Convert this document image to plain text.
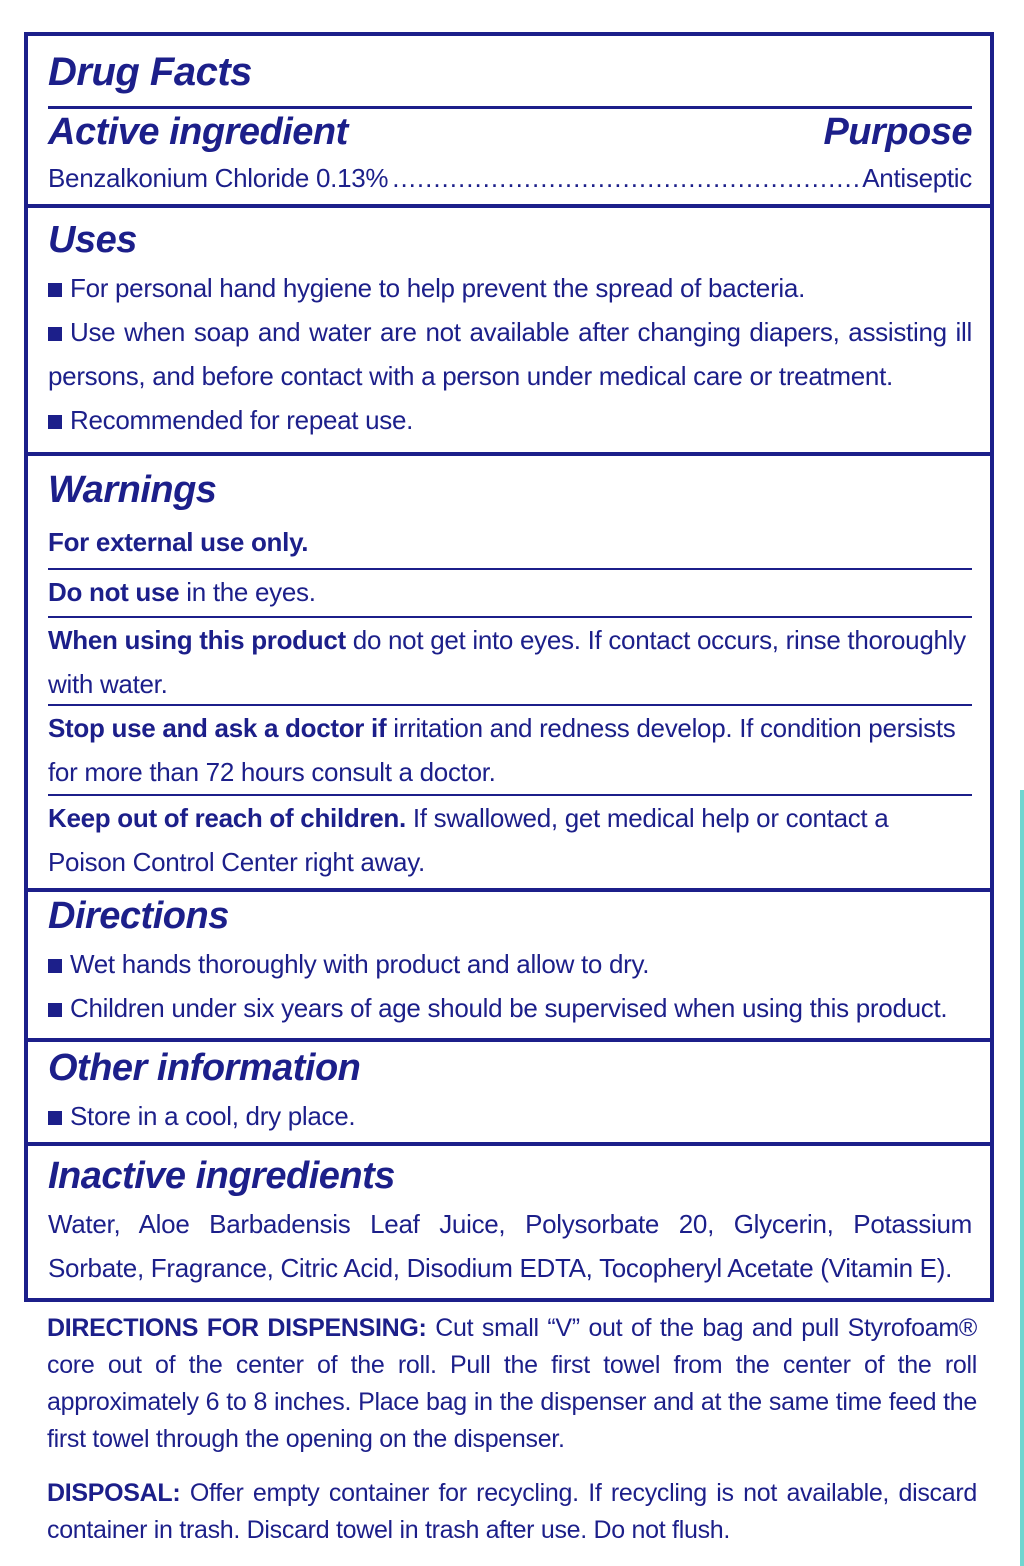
Drug Facts
Active ingredient	Purpose
Benzalkonium Chloride 0.13%
.....	Antiseptic
Uses
For personal hand hygiene to help prevent the spread of bacteria.
Use when soap and water are not available after changing diapers, assisting ill persons, and before contact with a person under medical care or treatment.
Recommended for repeat use.
Warnings
For external use only.
Do not use in the eyes.
When using this product do not get into eyes. If contact occurs, rinse thoroughly with water.
Stop use and ask a doctor if irritation and redness develop. If condition persists for more than 72 hours consult a doctor.
Keep out of reach of children. If swallowed, get medical help or contact a Poison Control Center right away.
Directions
Wet hands thoroughly with product and allow to dry.
Children under six years of age should be supervised when using this product.
Other information
Store in a cool, dry place.
Inactive ingredients
Water, Aloe Barbadensis Leaf Juice, Polysorbate 20, Glycerin, Potassium Sorbate, Fragrance, Citric Acid, Disodium EDTA, Tocopheryl Acetate (Vitamin E).
DIRECTIONS FOR DISPENSING: Cut small “V” out of the bag and pull Styrofoam® core out of the center of the roll. Pull the first towel from the center of the roll approximately 6 to 8 inches. Place bag in the dispenser and at the same time feed the first towel through the opening on the dispenser.
DISPOSAL: Offer empty container for recycling. If recycling is not available, discard container in trash. Discard towel in trash after use. Do not flush.
